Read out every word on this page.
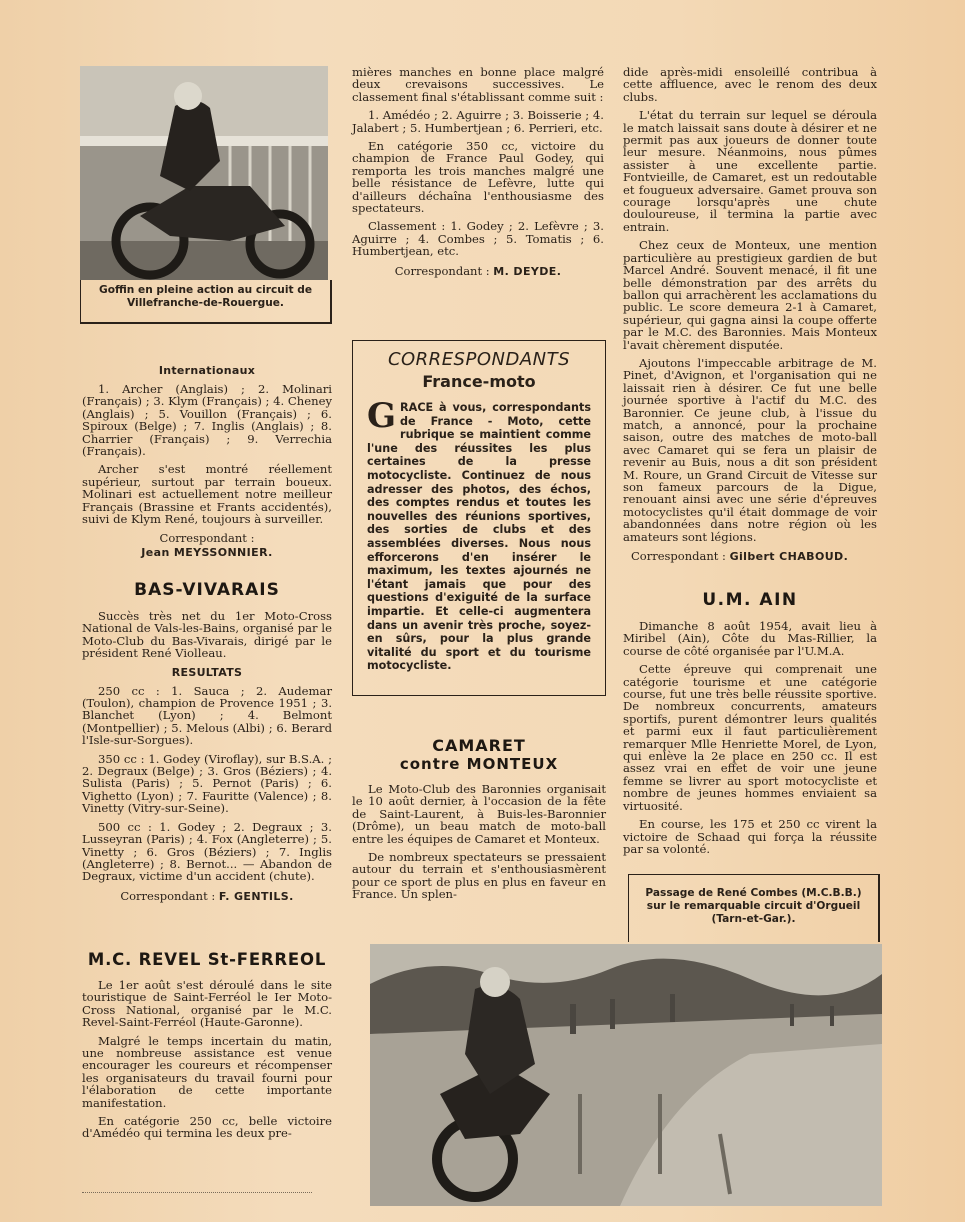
Goffin en pleine action au circuit de Villefranche-de-Rouergue.
Internationaux

1. Archer (Anglais) ; 2. Molinari (Français) ; 3. Klym (Français) ; 4. Cheney (Anglais) ; 5. Vouillon (Français) ; 6. Spiroux (Belge) ; 7. Inglis (Anglais) ; 8. Charrier (Français) ; 9. Verrechia (Français).

Archer s'est montré réellement supérieur, surtout par terrain boueux. Molinari est actuellement notre meilleur Français (Brassine et Frants accidentés), suivi de Klym René, toujours à surveiller.

Correspondant :
Jean MEYSSONNIER.
BAS-VIVARAIS

Succès très net du 1er Moto-Cross National de Vals-les-Bains, organisé par le Moto-Club du Bas-Vivarais, dirigé par le président René Violleau.

RESULTATS

250 cc : 1. Sauca ; 2. Audemar (Toulon), champion de Provence 1951 ; 3. Blanchet (Lyon) ; 4. Belmont (Montpellier) ; 5. Melous (Albi) ; 6. Berard l'Isle-sur-Sorgues).

350 cc : 1. Godey (Viroflay), sur B.S.A. ; 2. Degraux (Belge) ; 3. Gros (Béziers) ; 4. Sulista (Paris) ; 5. Pernot (Paris) ; 6. Vighetto (Lyon) ; 7. Fauritte (Valence) ; 8. Vinetty (Vitry-sur-Seine).

500 cc : 1. Godey ; 2. Degraux ; 3. Lusseyran (Paris) ; 4. Fox (Angleterre) ; 5. Vinetty ; 6. Gros (Béziers) ; 7. Inglis (Angleterre) ; 8. Bernot... — Abandon de Degraux, victime d'un accident (chute).

Correspondant : F. GENTILS.
M.C. REVEL St-FERREOL

Le 1er août s'est déroulé dans le site touristique de Saint-Ferréol le Ier Moto-Cross National, organisé par le M.C. Revel-Saint-Ferréol (Haute-Garonne).

Malgré le temps incertain du matin, une nombreuse assistance est venue encourager les coureurs et récompenser les organisateurs du travail fourni pour l'élaboration de cette importante manifestation.

En catégorie 250 cc, belle victoire d'Amédéo qui termina les deux pre-

mières manches en bonne place malgré deux crevaisons successives. Le classement final s'établissant comme suit :

1. Amédéo ; 2. Aguirre ; 3. Boisserie ; 4. Jalabert ; 5. Humbertjean ; 6. Perrieri, etc.

En catégorie 350 cc, victoire du champion de France Paul Godey, qui remporta les trois manches malgré une belle résistance de Lefèvre, lutte qui d'ailleurs déchaîna l'enthousiasme des spectateurs.

Classement : 1. Godey ; 2. Lefèvre ; 3. Aguirre ; 4. Combes ; 5. Tomatis ; 6. Humbertjean, etc.

Correspondant : M. DEYDE.
CORRESPONDANTS
France-moto
GRACE à vous, correspondants de France - Moto, cette rubrique se maintient comme l'une des réussites les plus certaines de la presse motocycliste. Continuez de nous adresser des photos, des échos, des comptes rendus et toutes les nouvelles des réunions sportives, des sorties de clubs et des assemblées diverses. Nous nous efforcerons d'en insérer le maximum, les textes ajournés ne l'étant jamais que pour des questions d'exiguité de la surface impartie. Et celle-ci augmentera dans un avenir très proche, soyez-en sûrs, pour la plus grande vitalité du sport et du tourisme motocycliste.
CAMARET
contre MONTEUX

Le Moto-Club des Baronnies organisait le 10 août dernier, à l'occasion de la fête de Saint-Laurent, à Buis-les-Baronnier (Drôme), un beau match de moto-ball entre les équipes de Camaret et Monteux.

De nombreux spectateurs se pressaient autour du terrain et s'enthousiasmèrent pour ce sport de plus en plus en faveur en France. Un splen-

dide après-midi ensoleillé contribua à cette affluence, avec le renom des deux clubs.

L'état du terrain sur lequel se déroula le match laissait sans doute à désirer et ne permit pas aux joueurs de donner toute leur mesure. Néanmoins, nous pûmes assister à une excellente partie. Fontvieille, de Camaret, est un redoutable et fougueux adversaire. Gamet prouva son courage lorsqu'après une chute douloureuse, il termina la partie avec entrain.

Chez ceux de Monteux, une mention particulière au prestigieux gardien de but Marcel André. Souvent menacé, il fit une belle démonstration par des arrêts du ballon qui arrachèrent les acclamations du public. Le score demeura 2-1 à Camaret, supérieur, qui gagna ainsi la coupe offerte par le M.C. des Baronnies. Mais Monteux l'avait chèrement disputée.

Ajoutons l'impeccable arbitrage de M. Pinet, d'Avignon, et l'organisation qui ne laissait rien à désirer. Ce fut une belle journée sportive à l'actif du M.C. des Baronnier. Ce jeune club, à l'issue du match, a annoncé, pour la prochaine saison, outre des matches de moto-ball avec Camaret qui se fera un plaisir de revenir au Buis, nous a dit son président M. Roure, un Grand Circuit de Vitesse sur son fameux parcours de la Digue, renouant ainsi avec une série d'épreuves motocyclistes qu'il était dommage de voir abandonnées dans notre région où les amateurs sont légions.

Correspondant : Gilbert CHABOUD.
U.M. AIN

Dimanche 8 août 1954, avait lieu à Miribel (Ain), Côte du Mas-Rillier, la course de côté organisée par l'U.M.A.

Cette épreuve qui comprenait une catégorie tourisme et une catégorie course, fut une très belle réussite sportive. De nombreux concurrents, amateurs sportifs, purent démontrer leurs qualités et parmi eux il faut particulièrement remarquer Mlle Henriette Morel, de Lyon, qui enlève la 2e place en 250 cc. Il est assez vrai en effet de voir une jeune femme se livrer au sport motocycliste et nombre de jeunes hommes enviaient sa virtuosité.

En course, les 175 et 250 cc virent la victoire de Schaad qui força la réussite par sa volonté.

Passage de René Combes (M.C.B.B.) sur le remarquable circuit d'Orgueil (Tarn-et-Gar.).
